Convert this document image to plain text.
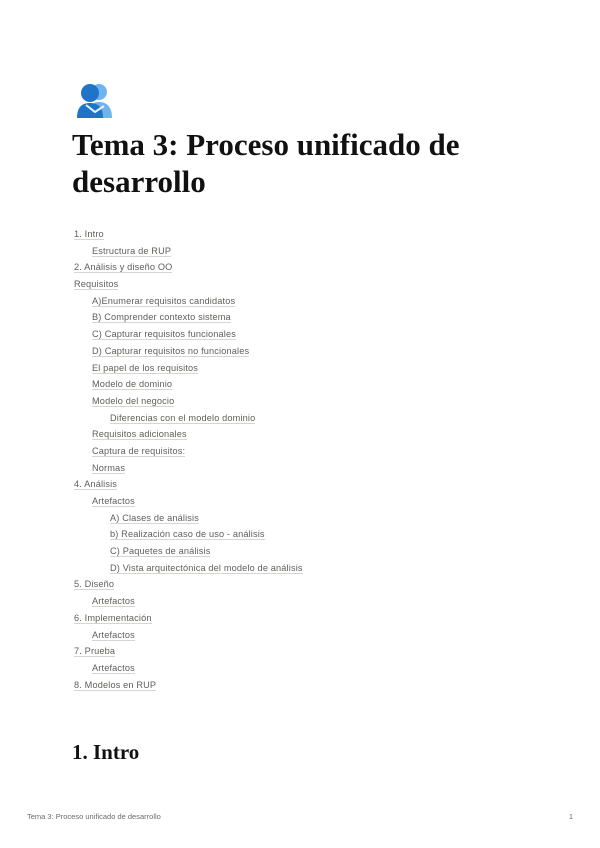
Tema 3: Proceso unificado de desarrollo
1. Intro
Estructura de RUP
2. Análisis y diseño OO
Requisitos
A)Enumerar requisitos candidatos
B) Comprender contexto sistema
C) Capturar requisitos funcionales
D) Capturar requisitos no funcionales
El papel de los requisitos
Modelo de dominio
Modelo del negocio
Diferencias con el modelo dominio
Requisitos adicionales
Captura de requisitos:
Normas
4. Análisis
Artefactos
A) Clases de análisis
b) Realización caso de uso - análisis
C) Paquetes de análisis
D) Vista arquitectónica del modelo de análisis
5. Diseño
Artefactos
6. Implementación
Artefactos
7. Prueba
Artefactos
8. Modelos en RUP
1. Intro
Tema 3: Proceso unificado de desarrollo	1
